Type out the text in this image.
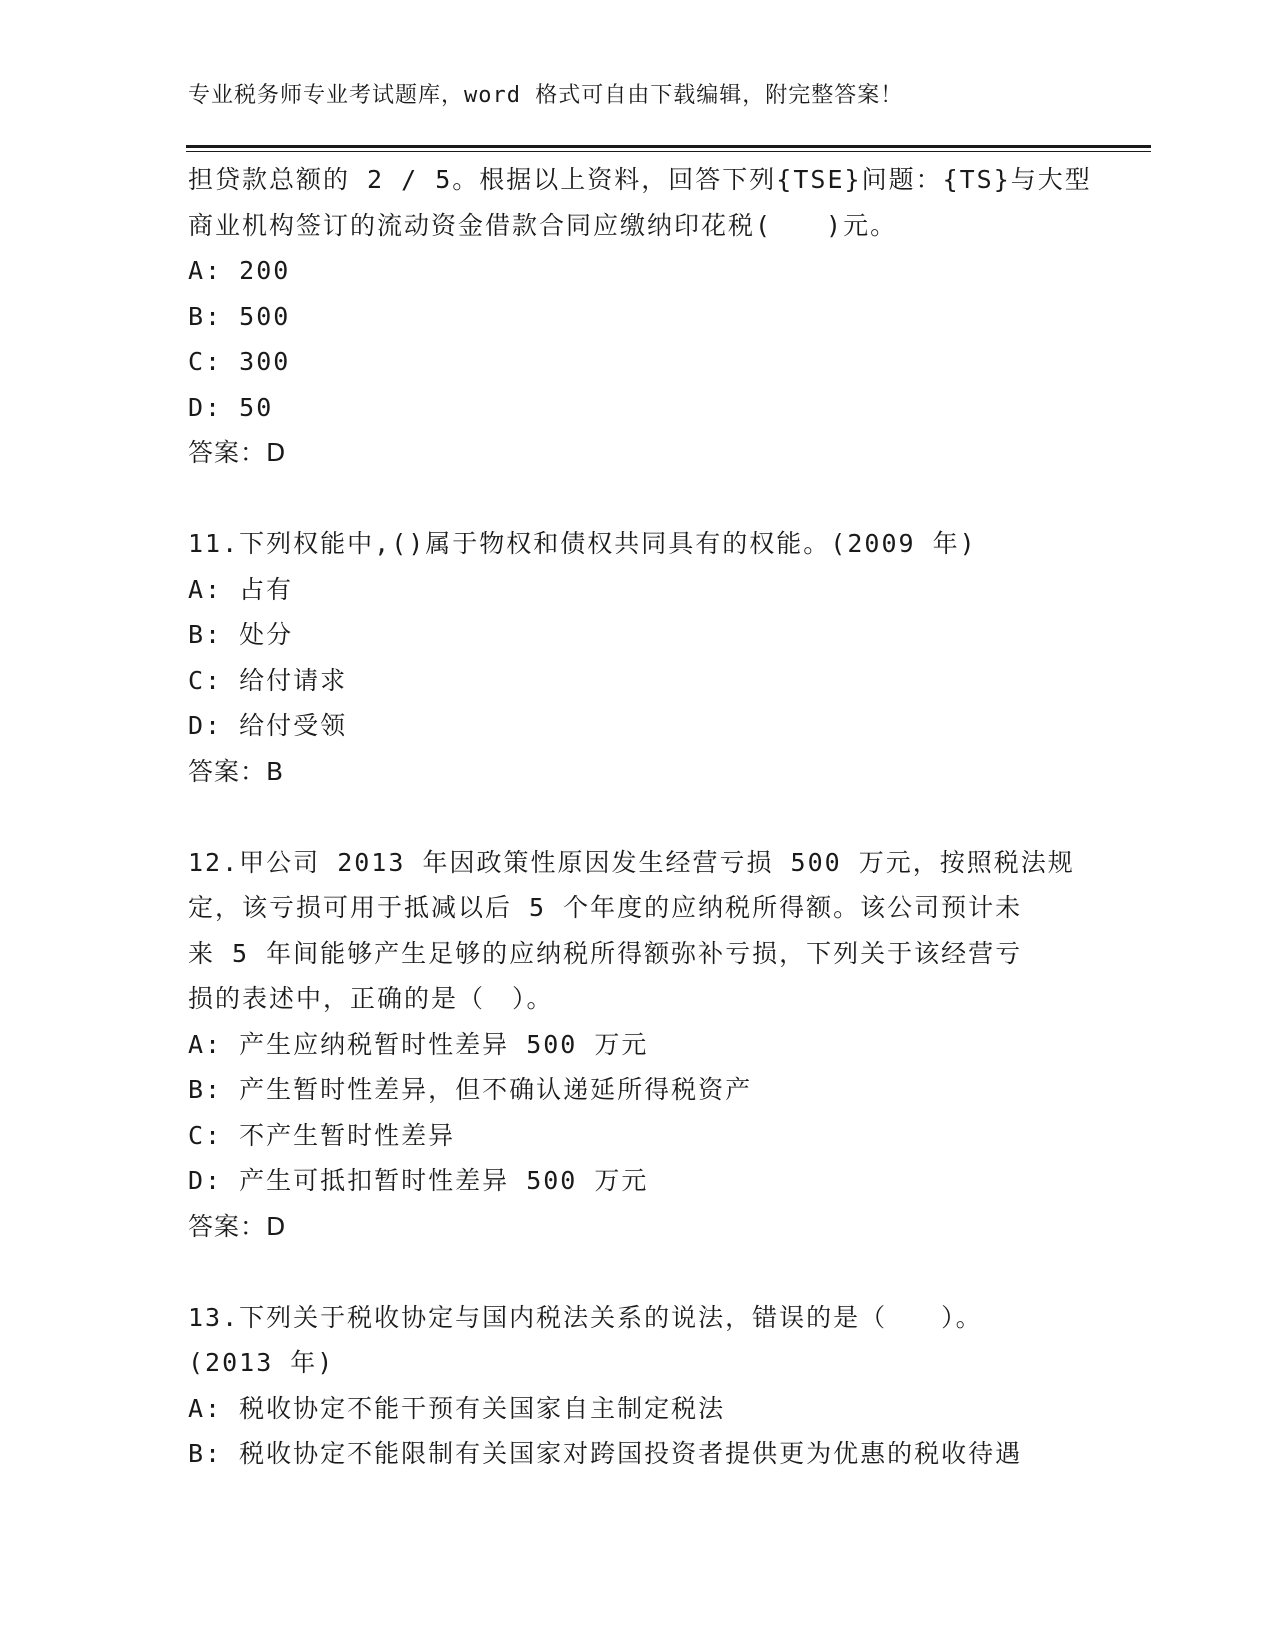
专业税务师专业考试题库，word 格式可自由下载编辑，附完整答案！

担贷款总额的 2 / 5。根据以上资料，回答下列{TSE}问题：{TS}与大型

商业机构签订的流动资金借款合同应缴纳印花税(　　)元。

A: 200

B: 500

C: 300

D: 50

答案：D

11.下列权能中,()属于物权和债权共同具有的权能。(2009 年)

A: 占有

B: 处分

C: 给付请求

D: 给付受领

答案：B

12.甲公司 2013 年因政策性原因发生经营亏损 500 万元，按照税法规

定，该亏损可用于抵减以后 5 个年度的应纳税所得额。该公司预计未

来 5 年间能够产生足够的应纳税所得额弥补亏损，下列关于该经营亏

损的表述中，正确的是（　）。

A: 产生应纳税暂时性差异 500 万元

B: 产生暂时性差异，但不确认递延所得税资产

C: 不产生暂时性差异

D: 产生可抵扣暂时性差异 500 万元

答案：D

13.下列关于税收协定与国内税法关系的说法，错误的是（　　）。

(2013 年)

A: 税收协定不能干预有关国家自主制定税法

B: 税收协定不能限制有关国家对跨国投资者提供更为优惠的税收待遇
